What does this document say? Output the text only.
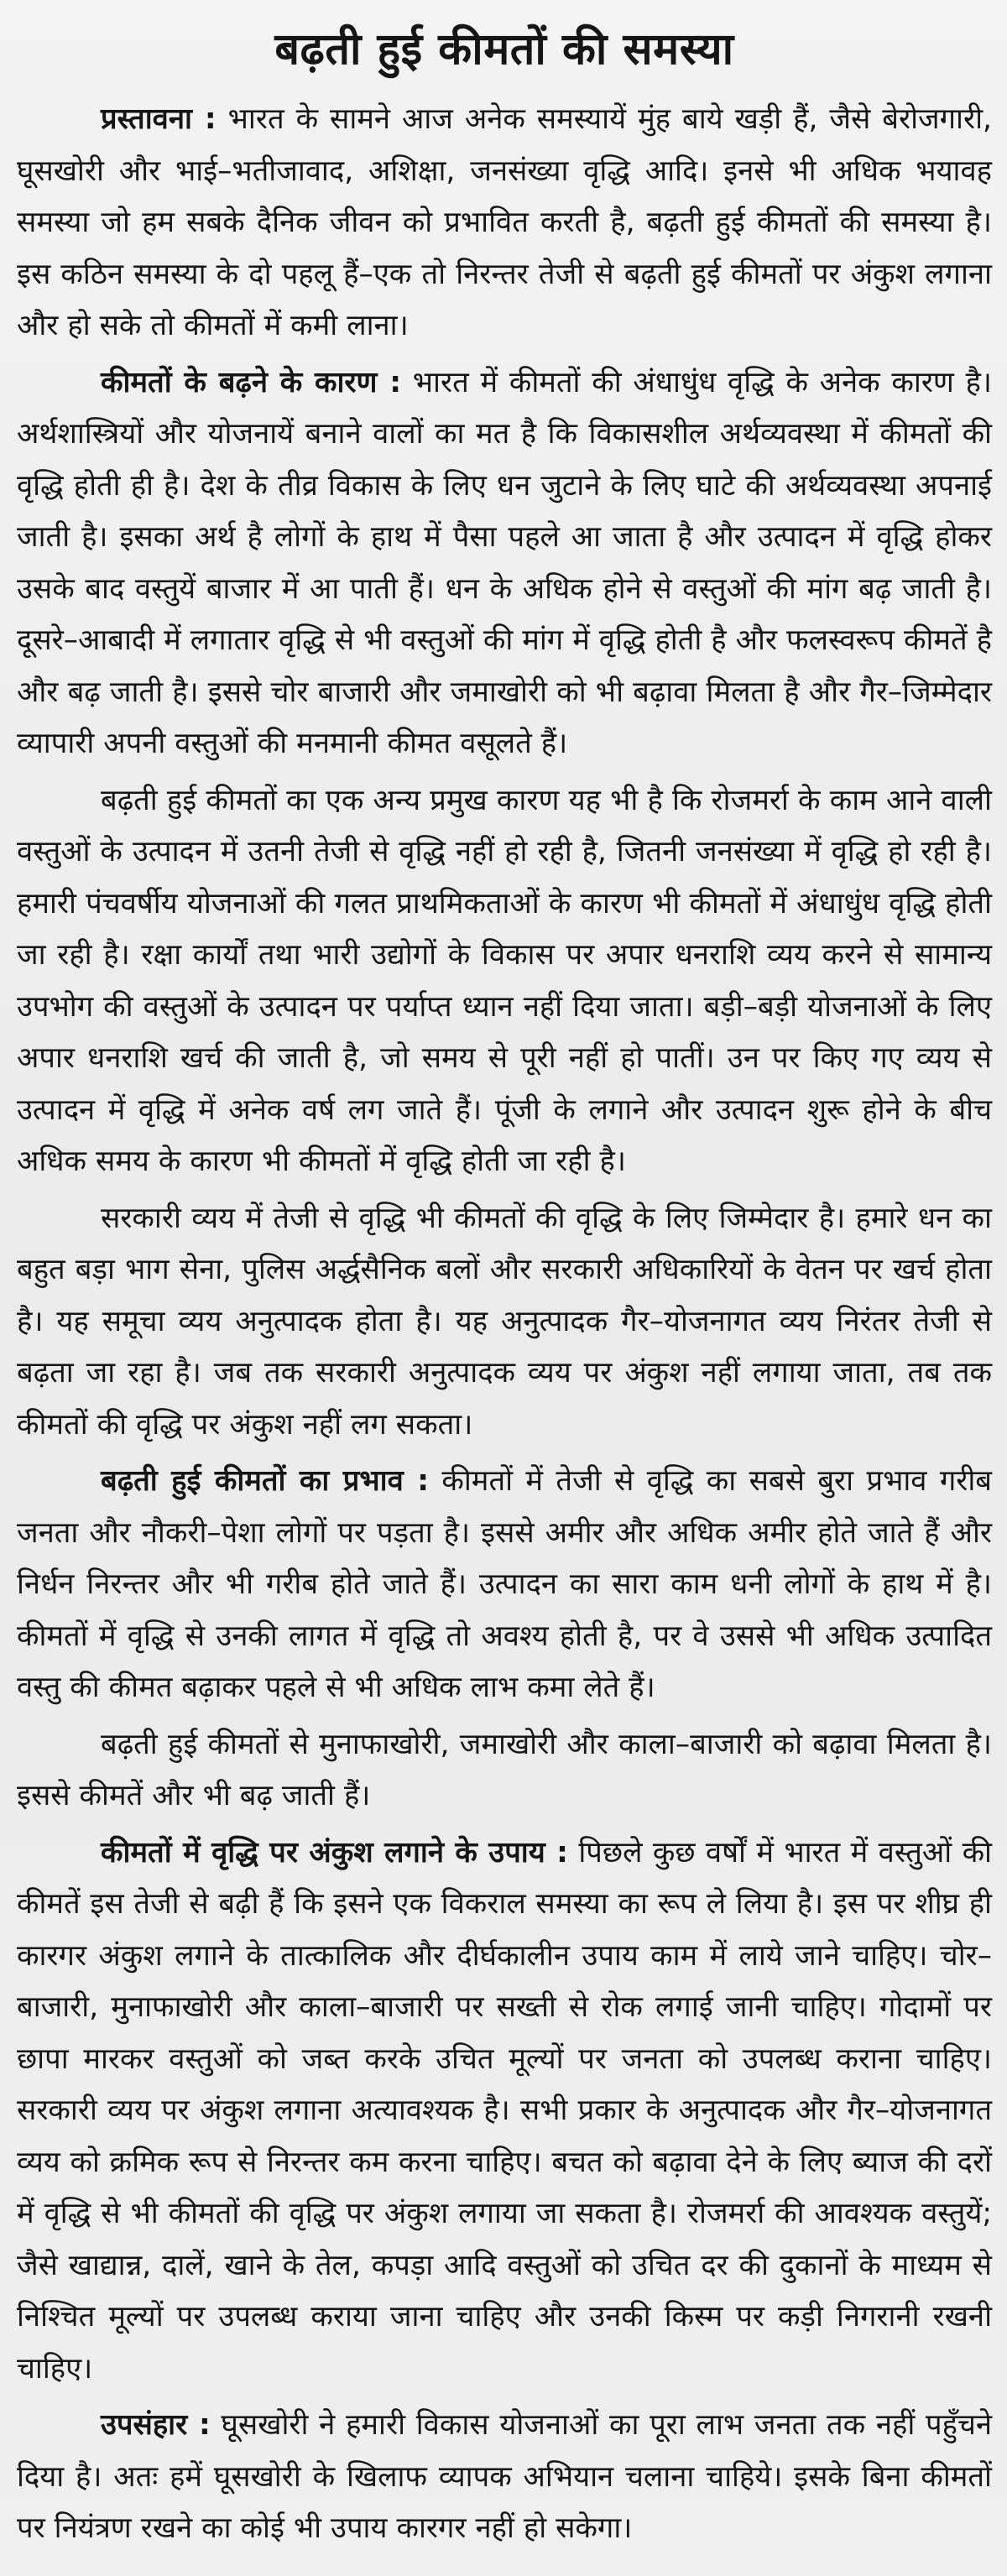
बढ़ती हुई कीमतों की समस्या

प्रस्तावना : भारत के सामने आज अनेक समस्यायें मुंह बाये खड़ी हैं, जैसे बेरोजगारी, घूसखोरी और भाई–भतीजावाद, अशिक्षा, जनसंख्या वृद्धि आदि। इनसे भी अधिक भयावह समस्या जो हम सबके दैनिक जीवन को प्रभावित करती है, बढ़ती हुई कीमतों की समस्या है। इस कठिन समस्या के दो पहलू हैं–एक तो निरन्तर तेजी से बढ़ती हुई कीमतों पर अंकुश लगाना और हो सके तो कीमतों में कमी लाना।

कीमतों के बढ़ने के कारण : भारत में कीमतों की अंधाधुंध वृद्धि के अनेक कारण है। अर्थशास्त्रियों और योजनायें बनाने वालों का मत है कि विकासशील अर्थव्यवस्था में कीमतों की वृद्धि होती ही है। देश के तीव्र विकास के लिए धन जुटाने के लिए घाटे की अर्थव्यवस्था अपनाई जाती है। इसका अर्थ है लोगों के हाथ में पैसा पहले आ जाता है और उत्पादन में वृद्धि होकर उसके बाद वस्तुयें बाजार में आ पाती हैं। धन के अधिक होने से वस्तुओं की मांग बढ़ जाती है। दूसरे–आबादी में लगातार वृद्धि से भी वस्तुओं की मांग में वृद्धि होती है और फलस्वरूप कीमतें है और बढ़ जाती है। इससे चोर बाजारी और जमाखोरी को भी बढ़ावा मिलता है और गैर–जिम्मेदार व्यापारी अपनी वस्तुओं की मनमानी कीमत वसूलते हैं।

बढ़ती हुई कीमतों का एक अन्य प्रमुख कारण यह भी है कि रोजमर्रा के काम आने वाली वस्तुओं के उत्पादन में उतनी तेजी से वृद्धि नहीं हो रही है, जितनी जनसंख्या में वृद्धि हो रही है। हमारी पंचवर्षीय योजनाओं की गलत प्राथमिकताओं के कारण भी कीमतों में अंधाधुंध वृद्धि होती जा रही है। रक्षा कार्यों तथा भारी उद्योगों के विकास पर अपार धनराशि व्यय करने से सामान्य उपभोग की वस्तुओं के उत्पादन पर पर्याप्त ध्यान नहीं दिया जाता। बड़ी–बड़ी योजनाओं के लिए अपार धनराशि खर्च की जाती है, जो समय से पूरी नहीं हो पातीं। उन पर किए गए व्यय से उत्पादन में वृद्धि में अनेक वर्ष लग जाते हैं। पूंजी के लगाने और उत्पादन शुरू होने के बीच अधिक समय के कारण भी कीमतों में वृद्धि होती जा रही है।

सरकारी व्यय में तेजी से वृद्धि भी कीमतों की वृद्धि के लिए जिम्मेदार है। हमारे धन का बहुत बड़ा भाग सेना, पुलिस अर्द्धसैनिक बलों और सरकारी अधिकारियों के वेतन पर खर्च होता है। यह समूचा व्यय अनुत्पादक होता है। यह अनुत्पादक गैर–योजनागत व्यय निरंतर तेजी से बढ़ता जा रहा है। जब तक सरकारी अनुत्पादक व्यय पर अंकुश नहीं लगाया जाता, तब तक कीमतों की वृद्धि पर अंकुश नहीं लग सकता।

बढ़ती हुई कीमतों का प्रभाव : कीमतों में तेजी से वृद्धि का सबसे बुरा प्रभाव गरीब जनता और नौकरी–पेशा लोगों पर पड़ता है। इससे अमीर और अधिक अमीर होते जाते हैं और निर्धन निरन्तर और भी गरीब होते जाते हैं। उत्पादन का सारा काम धनी लोगों के हाथ में है। कीमतों में वृद्धि से उनकी लागत में वृद्धि तो अवश्य होती है, पर वे उससे भी अधिक उत्पादित वस्तु की कीमत बढ़ाकर पहले से भी अधिक लाभ कमा लेते हैं।

बढ़ती हुई कीमतों से मुनाफाखोरी, जमाखोरी और काला–बाजारी को बढ़ावा मिलता है। इससे कीमतें और भी बढ़ जाती हैं।

कीमतों में वृद्धि पर अंकुश लगाने के उपाय : पिछले कुछ वर्षों में भारत में वस्तुओं की कीमतें इस तेजी से बढ़ी हैं कि इसने एक विकराल समस्या का रूप ले लिया है। इस पर शीघ्र ही कारगर अंकुश लगाने के तात्कालिक और दीर्घकालीन उपाय काम में लाये जाने चाहिए। चोर–बाजारी, मुनाफाखोरी और काला–बाजारी पर सख्ती से रोक लगाई जानी चाहिए। गोदामों पर छापा मारकर वस्तुओं को जब्त करके उचित मूल्यों पर जनता को उपलब्ध कराना चाहिए। सरकारी व्यय पर अंकुश लगाना अत्यावश्यक है। सभी प्रकार के अनुत्पादक और गैर–योजनागत व्यय को क्रमिक रूप से निरन्तर कम करना चाहिए। बचत को बढ़ावा देने के लिए ब्याज की दरों में वृद्धि से भी कीमतों की वृद्धि पर अंकुश लगाया जा सकता है। रोजमर्रा की आवश्यक वस्तुयें; जैसे खाद्यान्न, दालें, खाने के तेल, कपड़ा आदि वस्तुओं को उचित दर की दुकानों के माध्यम से निश्चित मूल्यों पर उपलब्ध कराया जाना चाहिए और उनकी किस्म पर कड़ी निगरानी रखनी चाहिए।

उपसंहार : घूसखोरी ने हमारी विकास योजनाओं का पूरा लाभ जनता तक नहीं पहुँचने दिया है। अतः हमें घूसखोरी के खिलाफ व्यापक अभियान चलाना चाहिये। इसके बिना कीमतों पर नियंत्रण रखने का कोई भी उपाय कारगर नहीं हो सकेगा।
